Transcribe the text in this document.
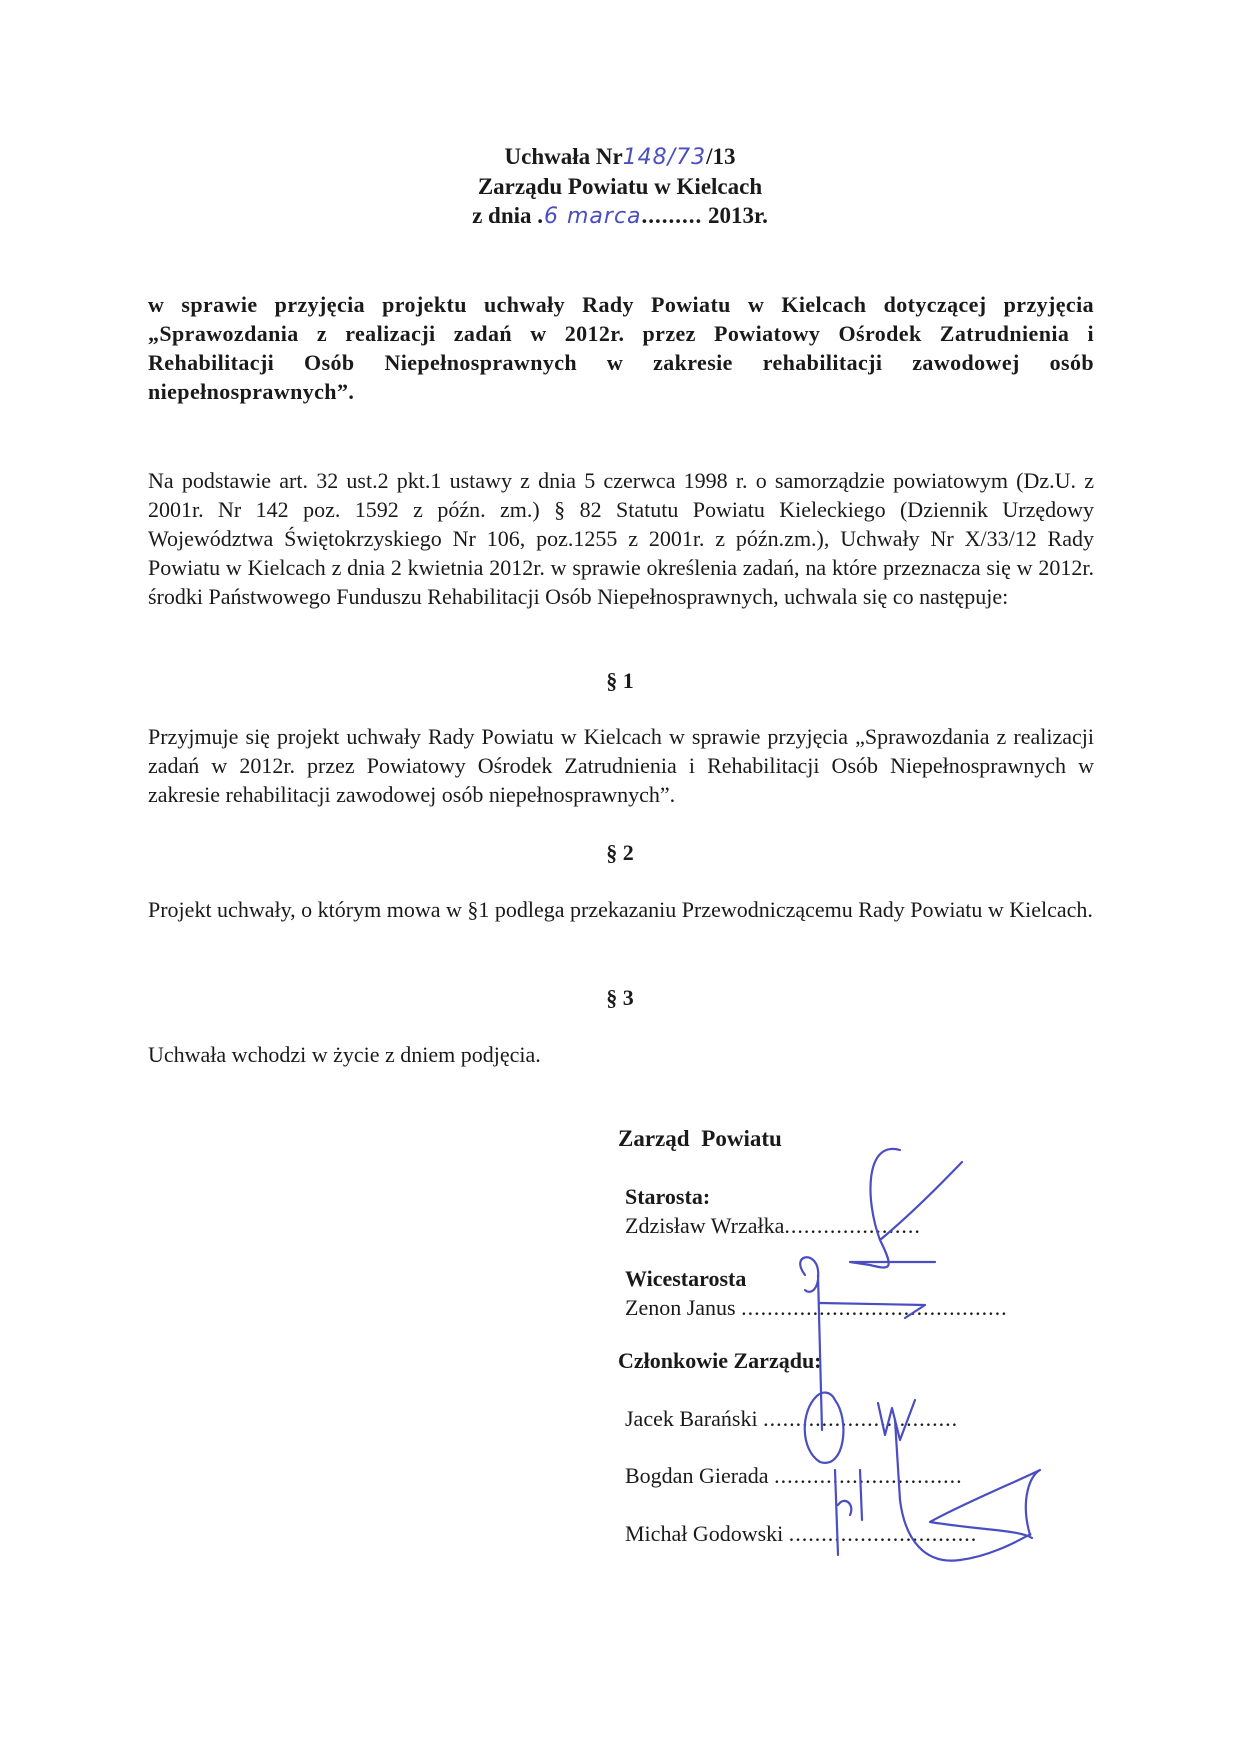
Uchwała Nr148/73/13
Zarządu Powiatu w Kielcach
z dnia .6 marca......... 2013r.
w sprawie przyjęcia projektu uchwały Rady Powiatu w Kielcach dotyczącej przyjęcia „Sprawozdania z realizacji zadań w 2012r. przez Powiatowy Ośrodek Zatrudnienia i Rehabilitacji Osób Niepełnosprawnych w zakresie rehabilitacji zawodowej osób niepełnosprawnych”.
Na podstawie art. 32 ust.2 pkt.1 ustawy z dnia 5 czerwca 1998 r. o samorządzie powiatowym (Dz.U. z 2001r. Nr 142 poz. 1592 z późn. zm.) § 82 Statutu Powiatu Kieleckiego (Dziennik Urzędowy Województwa Świętokrzyskiego Nr 106, poz.1255 z 2001r. z późn.zm.), Uchwały Nr X/33/12 Rady Powiatu w Kielcach z dnia 2 kwietnia 2012r. w sprawie określenia zadań, na które przeznacza się w 2012r. środki Państwowego Funduszu Rehabilitacji Osób Niepełnosprawnych, uchwala się co następuje:
§ 1
Przyjmuje się projekt uchwały Rady Powiatu w Kielcach w sprawie przyjęcia „Sprawozdania z realizacji zadań w 2012r. przez Powiatowy Ośrodek Zatrudnienia i Rehabilitacji Osób Niepełnosprawnych w zakresie rehabilitacji zawodowej osób niepełnosprawnych”.
§ 2
Projekt uchwały, o którym mowa w §1 podlega przekazaniu Przewodniczącemu Rady Powiatu w Kielcach.
§ 3
Uchwała wchodzi w życie z dniem podjęcia.
Zarząd Powiatu
Starosta:
Zdzisław Wrzałka.....................
Wicestarosta
Zenon Janus .........................................
Członkowie Zarządu:
Jacek Barański ..............................
Bogdan Gierada .............................
Michał Godowski .............................
